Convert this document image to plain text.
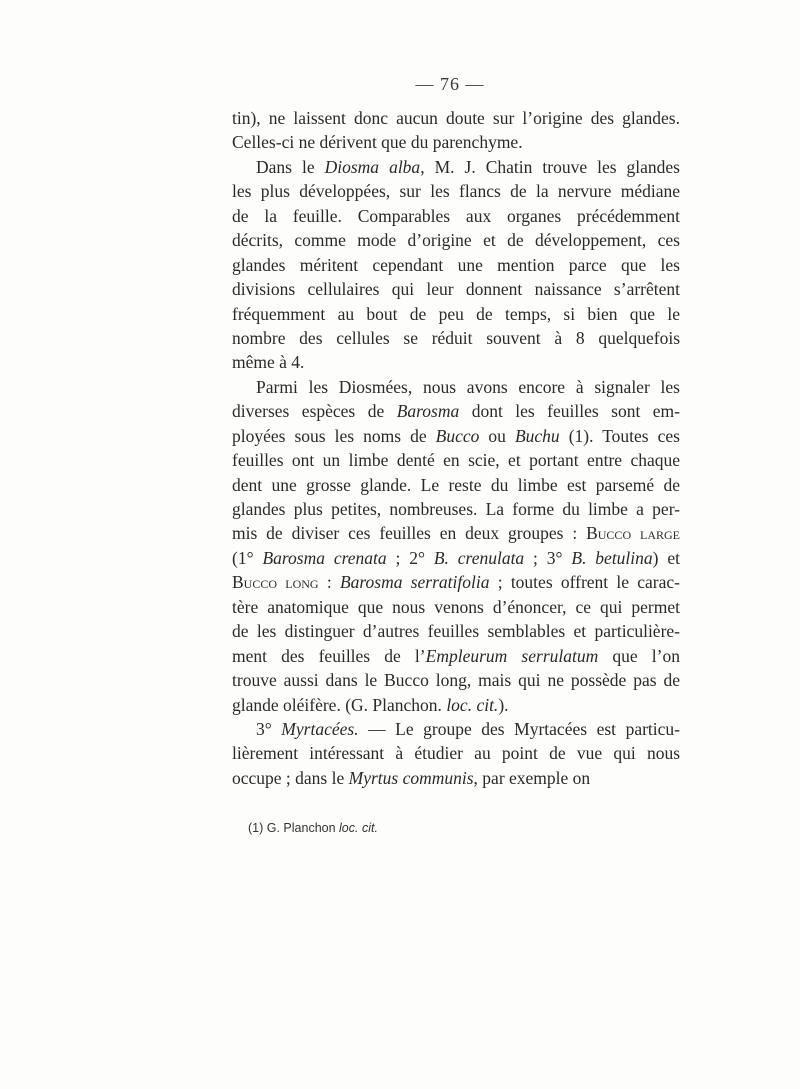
— 76 —
tin), ne laissent donc aucun doute sur l’origine des glandes.
Celles-ci ne dérivent que du parenchyme.
Dans le Diosma alba, M. J. Chatin trouve les glandes
les plus développées, sur les flancs de la nervure médiane
de la feuille. Comparables aux organes précédemment
décrits, comme mode d’origine et de développement, ces
glandes méritent cependant une mention parce que les
divisions cellulaires qui leur donnent naissance s’arrêtent
fréquemment au bout de peu de temps, si bien que le
nombre des cellules se réduit souvent à 8 quelquefois
même à 4.
Parmi les Diosmées, nous avons encore à signaler les
diverses espèces de Barosma dont les feuilles sont em-
ployées sous les noms de Bucco ou Buchu (1). Toutes ces
feuilles ont un limbe denté en scie, et portant entre chaque
dent une grosse glande. Le reste du limbe est parsemé de
glandes plus petites, nombreuses. La forme du limbe a per-
mis de diviser ces feuilles en deux groupes : Bucco large
(1° Barosma crenata ; 2° B. crenulata ; 3° B. betulina) et
Bucco long : Barosma serratifolia ; toutes offrent le carac-
tère anatomique que nous venons d’énoncer, ce qui permet
de les distinguer d’autres feuilles semblables et particulière-
ment des feuilles de l’Empleurum serrulatum que l’on
trouve aussi dans le Bucco long, mais qui ne possède pas de
glande oléifère. (G. Planchon. loc. cit.).
3° Myrtacées. — Le groupe des Myrtacées est particu-
lièrement intéressant à étudier au point de vue qui nous
occupe ; dans le Myrtus communis, par exemple on
(1) G. Planchon loc. cit.
